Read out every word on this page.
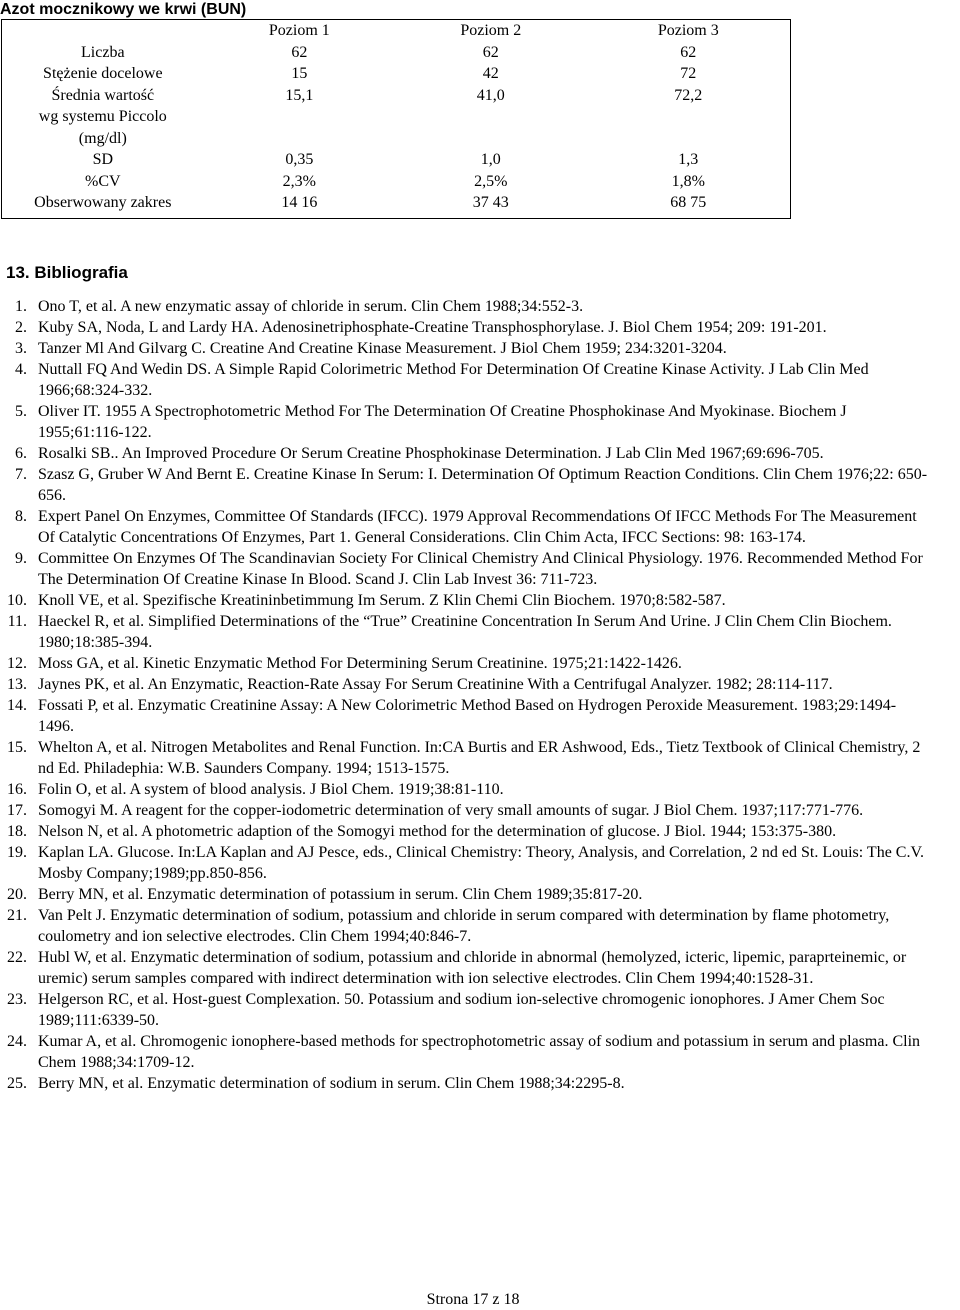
Azot mocznikowy we krwi (BUN)
	Poziom 1	Poziom 2	Poziom 3
Liczba	62	62	62
Stężenie docelowe	15	42	72
Średnia wartość
wg systemu Piccolo
(mg/dl)	15,1	41,0	72,2
SD	0,35	1,0	1,3
%CV	2,3%	2,5%	1,8%
Obserwowany zakres	14 16	37 43	68 75
13. Bibliografia
1. Ono T, et al. A new enzymatic assay of chloride in serum. Clin Chem 1988;34:552-3.
2. Kuby SA, Noda, L and Lardy HA. Adenosinetriphosphate-Creatine Transphosphorylase. J. Biol Chem 1954; 209: 191-201.
3. Tanzer Ml And Gilvarg C. Creatine And Creatine Kinase Measurement. J Biol Chem 1959; 234:3201-3204.
4. Nuttall FQ And Wedin DS. A Simple Rapid Colorimetric Method For Determination Of Creatine Kinase Activity. J Lab Clin Med 1966;68:324-332.
5. Oliver IT. 1955 A Spectrophotometric Method For The Determination Of Creatine Phosphokinase And Myokinase. Biochem J 1955;61:116-122.
6. Rosalki SB.. An Improved Procedure Or Serum Creatine Phosphokinase Determination. J Lab Clin Med 1967;69:696-705.
7. Szasz G, Gruber W And Bernt E. Creatine Kinase In Serum: I. Determination Of Optimum Reaction Conditions. Clin Chem 1976;22: 650-656.
8. Expert Panel On Enzymes, Committee Of Standards (IFCC). 1979 Approval Recommendations Of IFCC Methods For The Measurement Of Catalytic Concentrations Of Enzymes, Part 1. General Considerations. Clin Chim Acta, IFCC Sections: 98: 163-174.
9. Committee On Enzymes Of The Scandinavian Society For Clinical Chemistry And Clinical Physiology. 1976. Recommended Method For The Determination Of Creatine Kinase In Blood. Scand J. Clin Lab Invest 36: 711-723.
10. Knoll VE, et al. Spezifische Kreatininbetimmung Im Serum. Z Klin Chemi Clin Biochem. 1970;8:582-587.
11. Haeckel R, et al. Simplified Determinations of the “True” Creatinine Concentration In Serum And Urine. J Clin Chem Clin Biochem. 1980;18:385-394.
12. Moss GA, et al. Kinetic Enzymatic Method For Determining Serum Creatinine. 1975;21:1422-1426.
13. Jaynes PK, et al. An Enzymatic, Reaction-Rate Assay For Serum Creatinine With a Centrifugal Analyzer. 1982; 28:114-117.
14. Fossati P, et al. Enzymatic Creatinine Assay: A New Colorimetric Method Based on Hydrogen Peroxide Measurement. 1983;29:1494-1496.
15. Whelton A, et al. Nitrogen Metabolites and Renal Function. In:CA Burtis and ER Ashwood, Eds., Tietz Textbook of Clinical Chemistry, 2 nd Ed. Philadephia: W.B. Saunders Company. 1994; 1513-1575.
16. Folin O, et al. A system of blood analysis. J Biol Chem. 1919;38:81-110.
17. Somogyi M. A reagent for the copper-iodometric determination of very small amounts of sugar. J Biol Chem. 1937;117:771-776.
18. Nelson N, et al. A photometric adaption of the Somogyi method for the determination of glucose. J Biol. 1944; 153:375-380.
19. Kaplan LA. Glucose. In:LA Kaplan and AJ Pesce, eds., Clinical Chemistry: Theory, Analysis, and Correlation, 2 nd ed St. Louis: The C.V. Mosby Company;1989;pp.850-856.
20. Berry MN, et al. Enzymatic determination of potassium in serum. Clin Chem 1989;35:817-20.
21. Van Pelt J. Enzymatic determination of sodium, potassium and chloride in serum compared with determination by flame photometry, coulometry and ion selective electrodes. Clin Chem 1994;40:846-7.
22. Hubl W, et al. Enzymatic determination of sodium, potassium and chloride in abnormal (hemolyzed, icteric, lipemic, paraprteinemic, or uremic) serum samples compared with indirect determination with ion selective electrodes. Clin Chem 1994;40:1528-31.
23. Helgerson RC, et al. Host-guest Complexation. 50. Potassium and sodium ion-selective chromogenic ionophores. J Amer Chem Soc 1989;111:6339-50.
24. Kumar A, et al. Chromogenic ionophere-based methods for spectrophotometric assay of sodium and potassium in serum and plasma. Clin Chem 1988;34:1709-12.
25. Berry MN, et al. Enzymatic determination of sodium in serum. Clin Chem 1988;34:2295-8.
Strona 17 z 18
